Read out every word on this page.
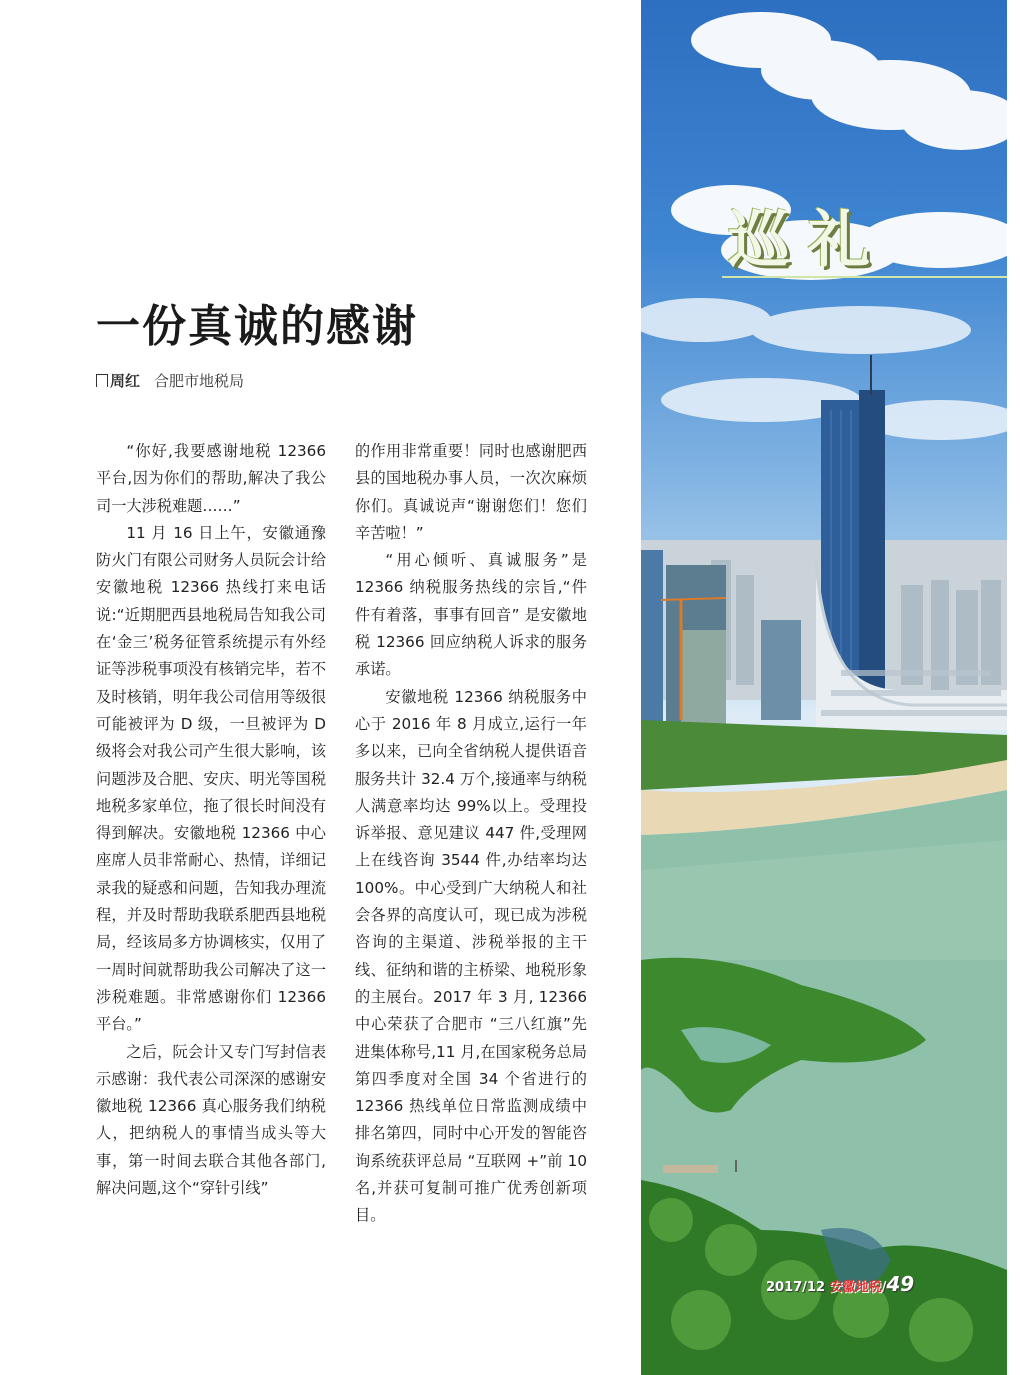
一份真诚的感谢
周红 合肥市地税局

“你好,我要感谢地税 12366 平台,因为你们的帮助,解决了我公司一大涉税难题……”

11 月 16 日上午，安徽通豫防火门有限公司财务人员阮会计给安徽地税 12366 热线打来电话说:“近期肥西县地税局告知我公司在‘金三’税务征管系统提示有外经证等涉税事项没有核销完毕，若不及时核销，明年我公司信用等级很可能被评为 D 级，一旦被评为 D 级将会对我公司产生很大影响，该问题涉及合肥、安庆、明光等国税地税多家单位，拖了很长时间没有得到解决。安徽地税 12366 中心座席人员非常耐心、热情，详细记录我的疑惑和问题，告知我办理流程，并及时帮助我联系肥西县地税局，经该局多方协调核实，仅用了一周时间就帮助我公司解决了这一涉税难题。非常感谢你们 12366 平台。”

之后，阮会计又专门写封信表示感谢：我代表公司深深的感谢安徽地税 12366 真心服务我们纳税人，把纳税人的事情当成头等大事，第一时间去联合其他各部门,解决问题,这个“穿针引线”

的作用非常重要！同时也感谢肥西县的国地税办事人员，一次次麻烦你们。真诚说声“谢谢您们！您们辛苦啦！”

“用心倾听、真诚服务”是 12366 纳税服务热线的宗旨,“件件有着落，事事有回音” 是安徽地税 12366 回应纳税人诉求的服务承诺。

安徽地税 12366 纳税服务中心于 2016 年 8 月成立,运行一年多以来，已向全省纳税人提供语音服务共计 32.4 万个,接通率与纳税人满意率均达 99%以上。受理投诉举报、意见建议 447 件,受理网上在线咨询 3544 件,办结率均达 100%。中心受到广大纳税人和社会各界的高度认可，现已成为涉税咨询的主渠道、涉税举报的主干线、征纳和谐的主桥梁、地税形象的主展台。2017 年 3 月, 12366 中心荣获了合肥市 “三八红旗”先进集体称号,11 月,在国家税务总局第四季度对全国 34 个省进行的 12366 热线单位日常监测成绩中排名第四，同时中心开发的智能咨询系统获评总局 “互联网 +”前 10 名,并获可复制可推广优秀创新项目。

巡礼
2017/12 安徽地税/49
